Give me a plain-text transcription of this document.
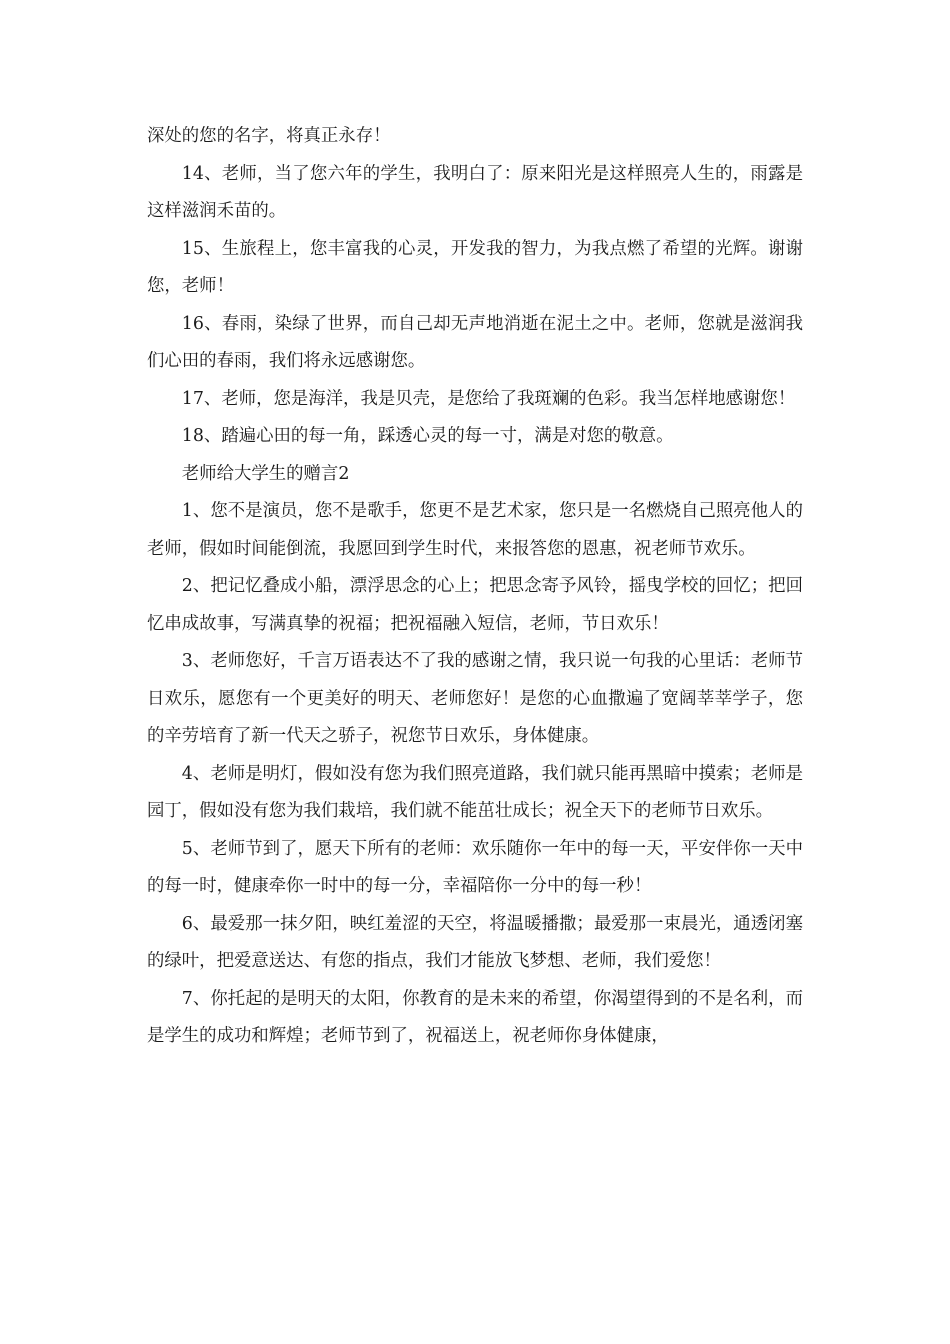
深处的您的名字，将真正永存！

14、老师，当了您六年的学生，我明白了：原来阳光是这样照亮人生的，雨露是这样滋润禾苗的。

15、生旅程上，您丰富我的心灵，开发我的智力，为我点燃了希望的光辉。谢谢您，老师！

16、春雨，染绿了世界，而自己却无声地消逝在泥土之中。老师，您就是滋润我们心田的春雨，我们将永远感谢您。

17、老师，您是海洋，我是贝壳，是您给了我斑斓的色彩。我当怎样地感谢您！

18、踏遍心田的每一角，踩透心灵的每一寸，满是对您的敬意。

老师给大学生的赠言2

1、您不是演员，您不是歌手，您更不是艺术家，您只是一名燃烧自己照亮他人的老师，假如时间能倒流，我愿回到学生时代，来报答您的恩惠，祝老师节欢乐。

2、把记忆叠成小船，漂浮思念的心上；把思念寄予风铃，摇曳学校的回忆；把回忆串成故事，写满真挚的祝福；把祝福融入短信，老师，节日欢乐！

3、老师您好，千言万语表达不了我的感谢之情，我只说一句我的心里话：老师节日欢乐，愿您有一个更美好的明天、老师您好！是您的心血撒遍了宽阔莘莘学子，您的辛劳培育了新一代天之骄子，祝您节日欢乐，身体健康。

4、老师是明灯，假如没有您为我们照亮道路，我们就只能再黑暗中摸索；老师是园丁，假如没有您为我们栽培，我们就不能茁壮成长；祝全天下的老师节日欢乐。

5、老师节到了，愿天下所有的老师：欢乐随你一年中的每一天，平安伴你一天中的每一时，健康牵你一时中的每一分，幸福陪你一分中的每一秒！

6、最爱那一抹夕阳，映红羞涩的天空，将温暖播撒；最爱那一束晨光，通透闭塞的绿叶，把爱意送达、有您的指点，我们才能放飞梦想、老师，我们爱您！

7、你托起的是明天的太阳，你教育的是未来的希望，你渴望得到的不是名利，而是学生的成功和辉煌；老师节到了，祝福送上，祝老师你身体健康，
